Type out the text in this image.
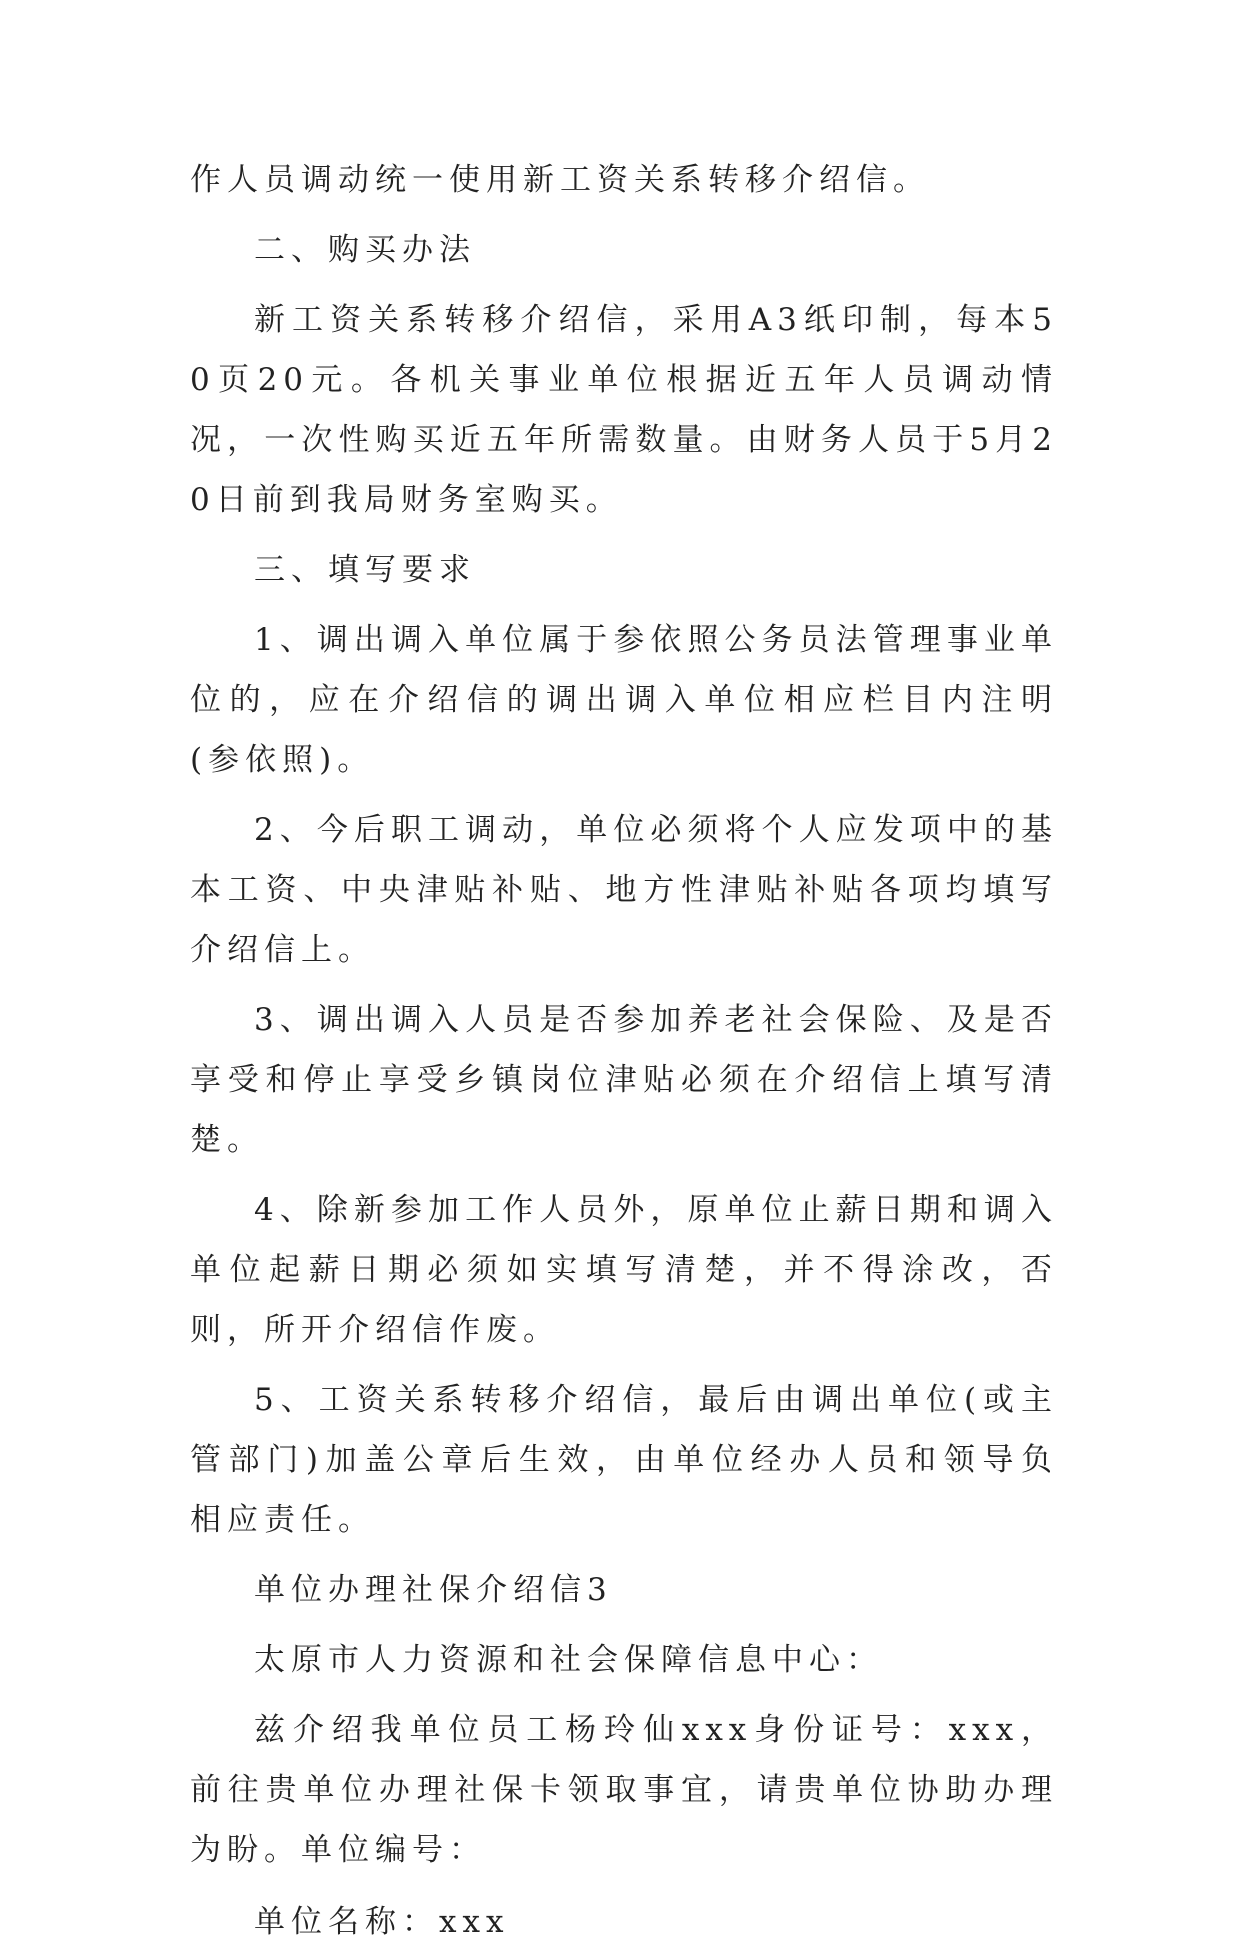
作人员调动统一使用新工资关系转移介绍信。

二、购买办法

新工资关系转移介绍信，采用A3纸印制，每本50页20元。各机关事业单位根据近五年人员调动情况，一次性购买近五年所需数量。由财务人员于5月20日前到我局财务室购买。

三、填写要求

1、调出调入单位属于参依照公务员法管理事业单位的，应在介绍信的调出调入单位相应栏目内注明(参依照)。

2、今后职工调动，单位必须将个人应发项中的基本工资、中央津贴补贴、地方性津贴补贴各项均填写介绍信上。

3、调出调入人员是否参加养老社会保险、及是否享受和停止享受乡镇岗位津贴必须在介绍信上填写清楚。

4、除新参加工作人员外，原单位止薪日期和调入单位起薪日期必须如实填写清楚，并不得涂改，否则，所开介绍信作废。

5、工资关系转移介绍信，最后由调出单位(或主管部门)加盖公章后生效，由单位经办人员和领导负相应责任。

单位办理社保介绍信3

太原市人力资源和社会保障信息中心：

兹介绍我单位员工杨玲仙xxx身份证号：xxx，前往贵单位办理社保卡领取事宜，请贵单位协助办理为盼。单位编号：

单位名称：xxx
